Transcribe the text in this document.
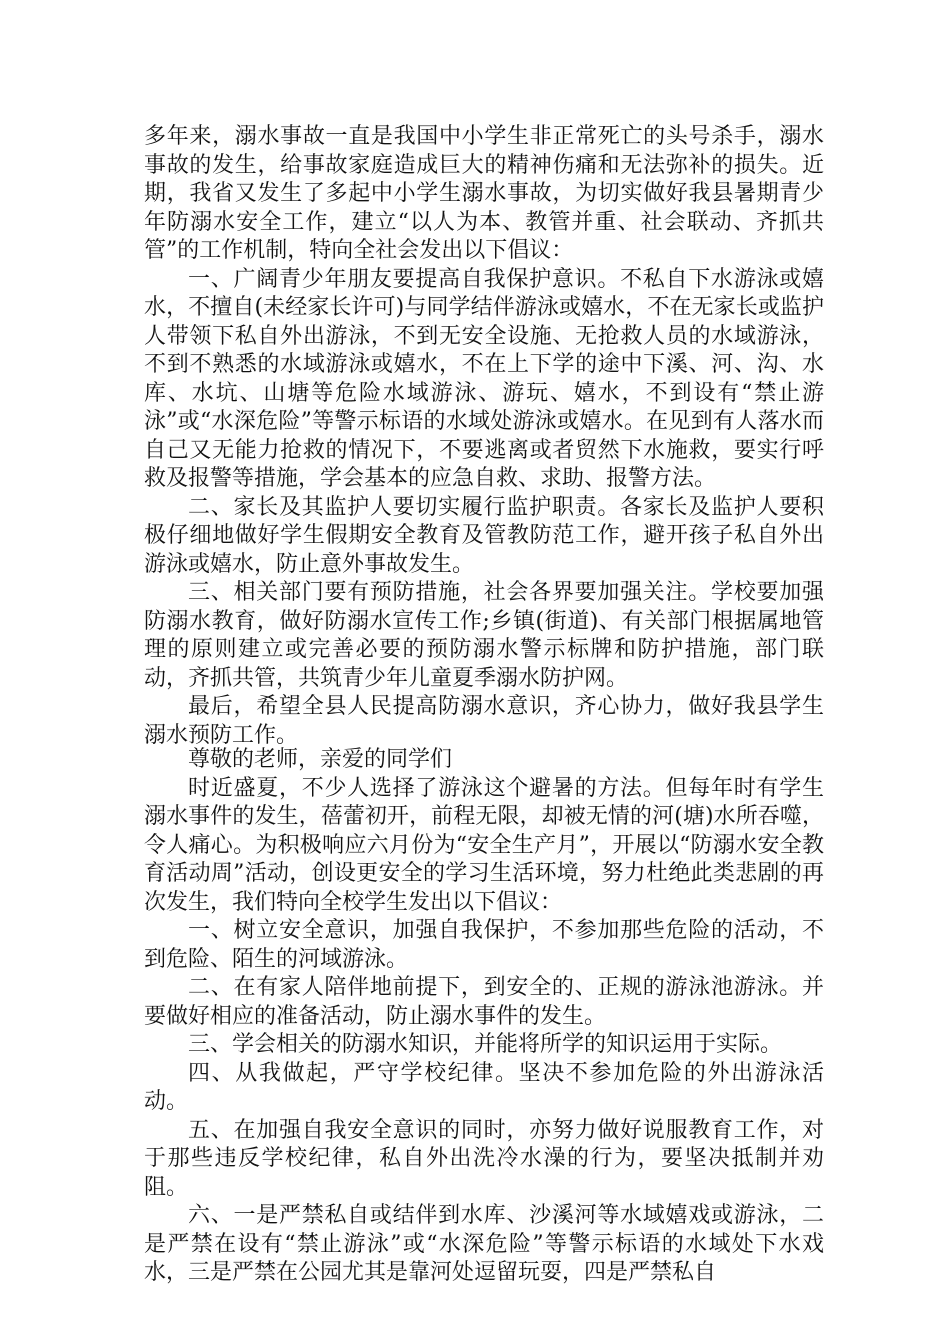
多年来，溺水事故一直是我国中小学生非正常死亡的头号杀手，溺水事故的发生，给事故家庭造成巨大的精神伤痛和无法弥补的损失。近期，我省又发生了多起中小学生溺水事故，为切实做好我县暑期青少年防溺水安全工作，建立“以人为本、教管并重、社会联动、齐抓共管”的工作机制，特向全社会发出以下倡议：

一、广阔青少年朋友要提高自我保护意识。不私自下水游泳或嬉水，不擅自(未经家长许可)与同学结伴游泳或嬉水，不在无家长或监护人带领下私自外出游泳，不到无安全设施、无抢救人员的水域游泳，不到不熟悉的水域游泳或嬉水，不在上下学的途中下溪、河、沟、水库、水坑、山塘等危险水域游泳、游玩、嬉水，不到设有“禁止游泳”或“水深危险”等警示标语的水域处游泳或嬉水。在见到有人落水而自己又无能力抢救的情况下，不要逃离或者贸然下水施救，要实行呼救及报警等措施，学会基本的应急自救、求助、报警方法。

二、家长及其监护人要切实履行监护职责。各家长及监护人要积极仔细地做好学生假期安全教育及管教防范工作，避开孩子私自外出游泳或嬉水，防止意外事故发生。

三、相关部门要有预防措施，社会各界要加强关注。学校要加强防溺水教育，做好防溺水宣传工作;乡镇(街道)、有关部门根据属地管理的原则建立或完善必要的预防溺水警示标牌和防护措施，部门联动，齐抓共管，共筑青少年儿童夏季溺水防护网。

最后，希望全县人民提高防溺水意识，齐心协力，做好我县学生溺水预防工作。

尊敬的老师，亲爱的同学们

时近盛夏，不少人选择了游泳这个避暑的方法。但每年时有学生溺水事件的发生，蓓蕾初开，前程无限，却被无情的河(塘)水所吞噬，令人痛心。为积极响应六月份为“安全生产月”，开展以“防溺水安全教育活动周”活动，创设更安全的学习生活环境，努力杜绝此类悲剧的再次发生，我们特向全校学生发出以下倡议：

一、树立安全意识，加强自我保护，不参加那些危险的活动，不到危险、陌生的河域游泳。

二、在有家人陪伴地前提下，到安全的、正规的游泳池游泳。并要做好相应的准备活动，防止溺水事件的发生。

三、学会相关的防溺水知识，并能将所学的知识运用于实际。

四、从我做起，严守学校纪律。坚决不参加危险的外出游泳活动。

五、在加强自我安全意识的同时，亦努力做好说服教育工作，对于那些违反学校纪律，私自外出洗冷水澡的行为，要坚决抵制并劝阻。

六、一是严禁私自或结伴到水库、沙溪河等水域嬉戏或游泳，二是严禁在设有“禁止游泳”或“水深危险”等警示标语的水域处下水戏水，三是严禁在公园尤其是靠河处逗留玩耍，四是严禁私自
